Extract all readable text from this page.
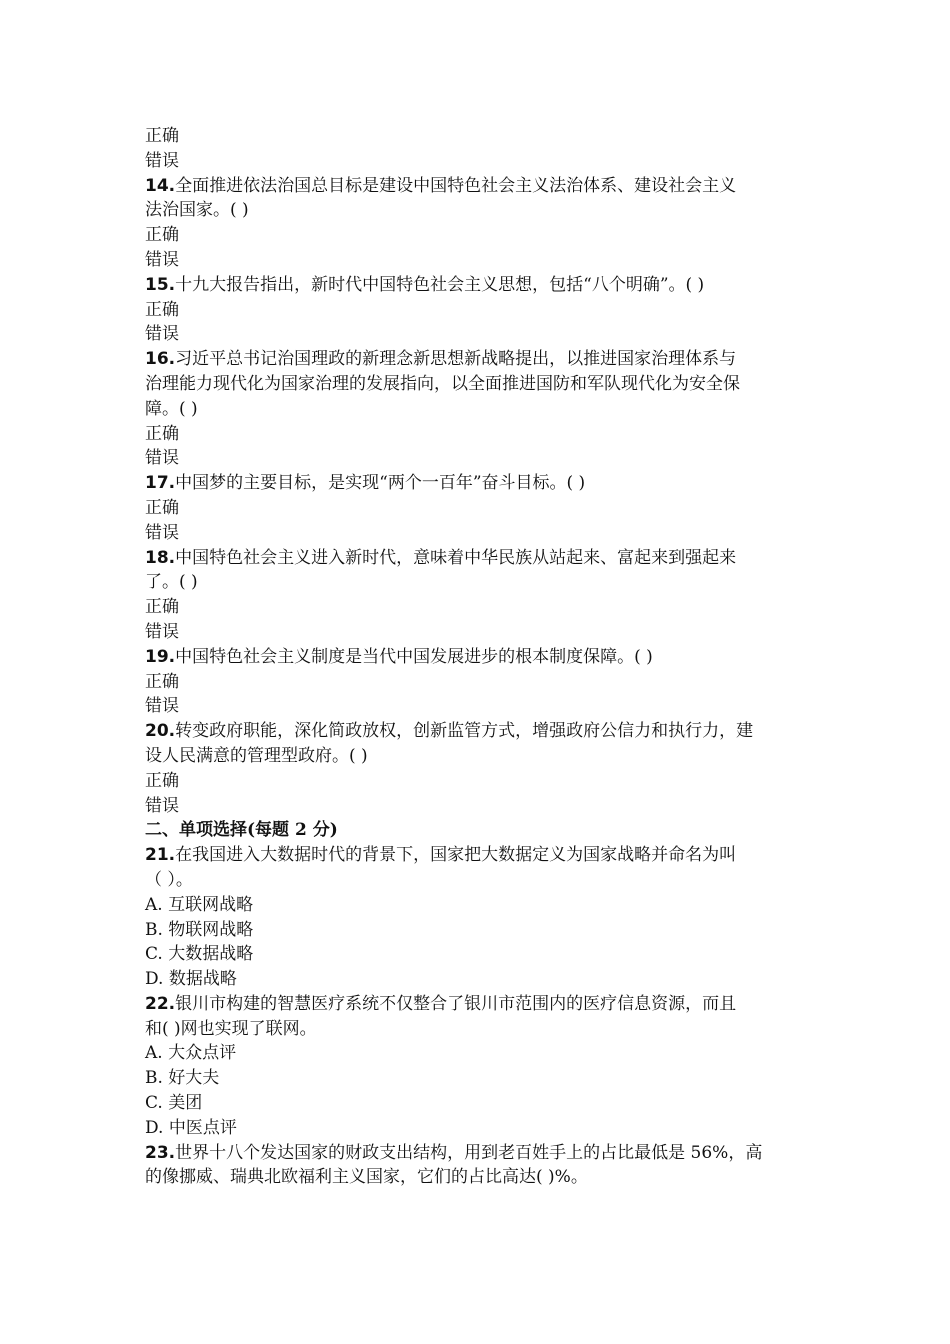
正确
错误
14.全面推进依法治国总目标是建设中国特色社会主义法治体系、建设社会主义
法治国家。( )
正确
错误
15.十九大报告指出，新时代中国特色社会主义思想，包括“八个明确”。( )
正确
错误
16.习近平总书记治国理政的新理念新思想新战略提出，以推进国家治理体系与
治理能力现代化为国家治理的发展指向，以全面推进国防和军队现代化为安全保
障。( )
正确
错误
17.中国梦的主要目标，是实现“两个一百年”奋斗目标。( )
正确
错误
18.中国特色社会主义进入新时代，意味着中华民族从站起来、富起来到强起来
了。( )
正确
错误
19.中国特色社会主义制度是当代中国发展进步的根本制度保障。( )
正确
错误
20.转变政府职能，深化简政放权，创新监管方式，增强政府公信力和执行力，建
设人民满意的管理型政府。( )
正确
错误
二、单项选择(每题 2 分)
21.在我国进入大数据时代的背景下，国家把大数据定义为国家战略并命名为叫
（ ）。
A. 互联网战略
B. 物联网战略
C. 大数据战略
D. 数据战略
22.银川市构建的智慧医疗系统不仅整合了银川市范围内的医疗信息资源，而且
和( )网也实现了联网。
A. 大众点评
B. 好大夫
C. 美团
D. 中医点评
23.世界十八个发达国家的财政支出结构，用到老百姓手上的占比最低是 56%，高
的像挪威、瑞典北欧福利主义国家，它们的占比高达( )%。
